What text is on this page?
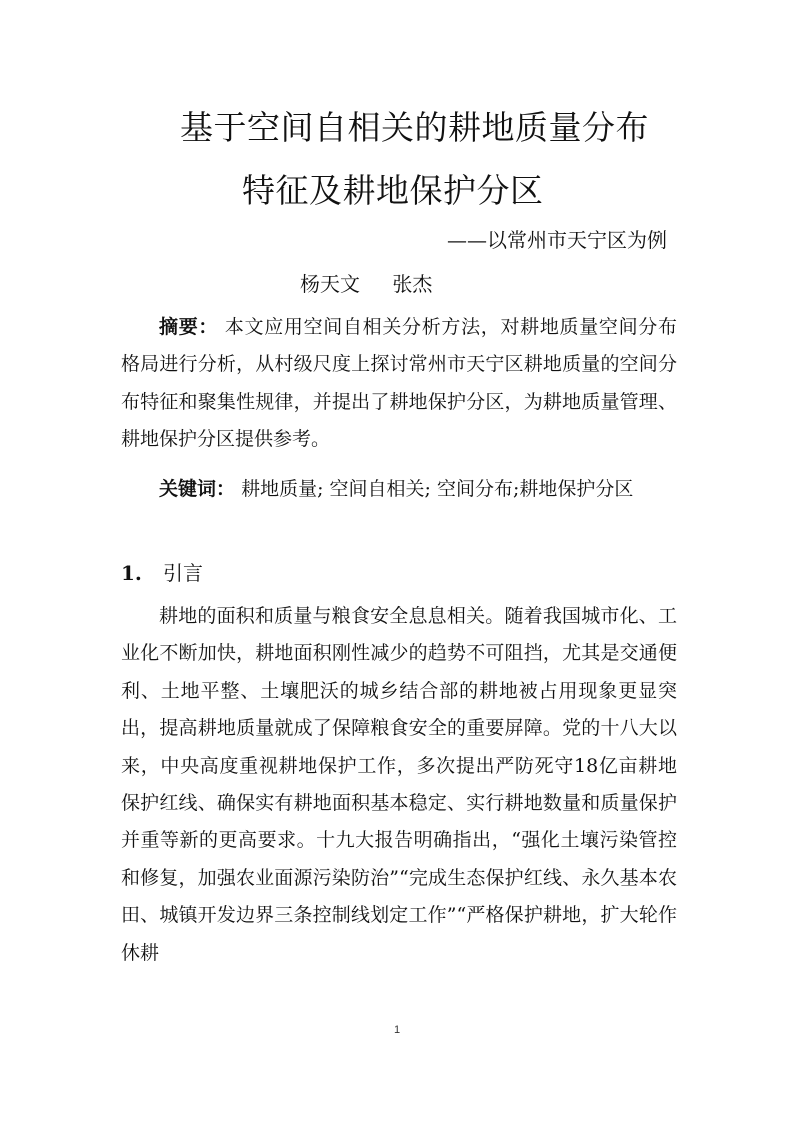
基于空间自相关的耕地质量分布
特征及耕地保护分区
——以常州市天宁区为例
杨天文 张杰

摘要： 本文应用空间自相关分析方法，对耕地质量空间分布格局进行分析，从村级尺度上探讨常州市天宁区耕地质量的空间分布特征和聚集性规律，并提出了耕地保护分区，为耕地质量管理、耕地保护分区提供参考。

关键词： 耕地质量; 空间自相关; 空间分布;耕地保护分区

1. 引言

耕地的面积和质量与粮食安全息息相关。随着我国城市化、工业化不断加快，耕地面积刚性减少的趋势不可阻挡，尤其是交通便利、土地平整、土壤肥沃的城乡结合部的耕地被占用现象更显突出，提高耕地质量就成了保障粮食安全的重要屏障。党的十八大以来，中央高度重视耕地保护工作，多次提出严防死守18亿亩耕地保护红线、确保实有耕地面积基本稳定、实行耕地数量和质量保护并重等新的更高要求。十九大报告明确指出，“强化土壤污染管控和修复，加强农业面源污染防治”“完成生态保护红线、永久基本农田、城镇开发边界三条控制线划定工作”“严格保护耕地，扩大轮作休耕

1
